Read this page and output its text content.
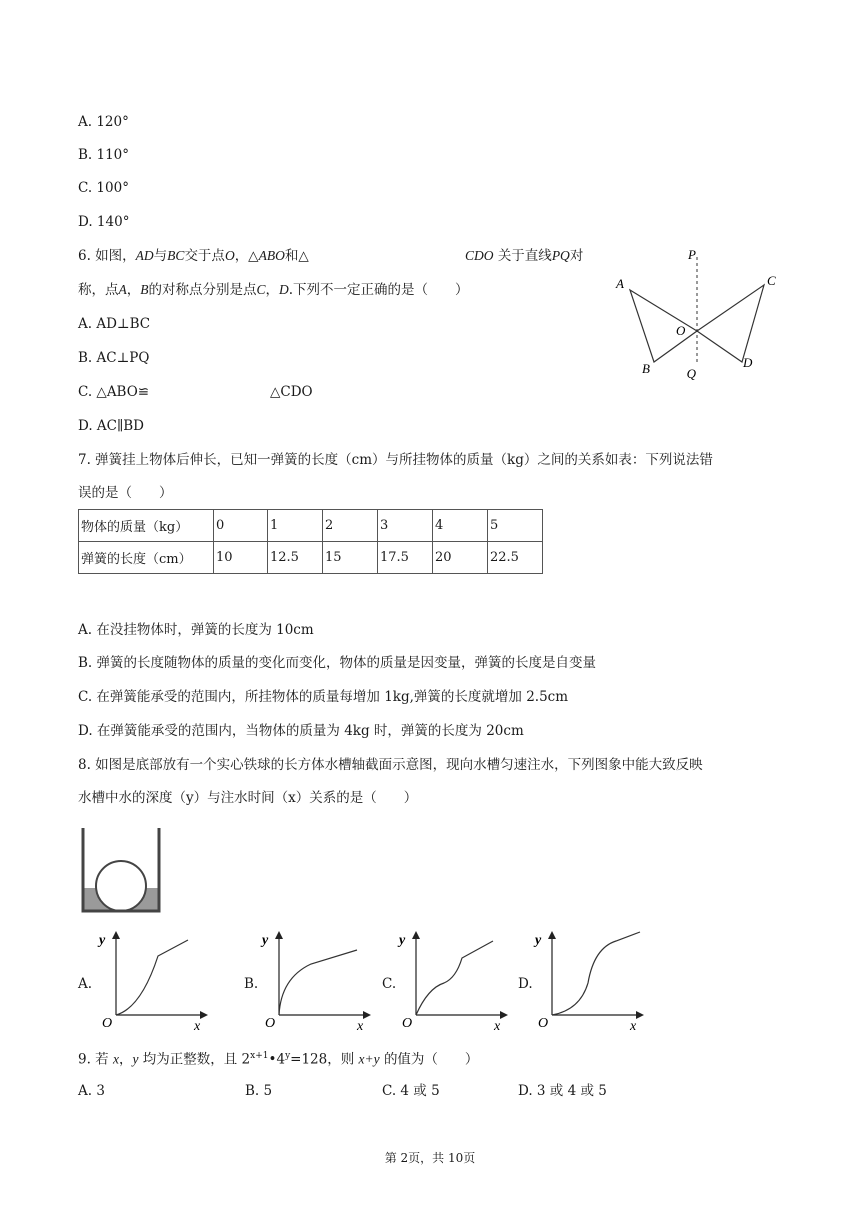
A. 120°
B. 110°
C. 100°
D. 140°
6. 如图，AD与BC交于点O，△ABO和△	CDO 关于直线PQ对
称，点A，B的对称点分别是点C，D.下列不一定正确的是（　　）
A. AD⊥BC
B. AC⊥PQ
C. △ABO≌	△CDO
D. AC∥BD
P
Q
A
B
C
D
O
7. 弹簧挂上物体后伸长，已知一弹簧的长度（cm）与所挂物体的质量（kg）之间的关系如表：下列说法错
误的是（　　）
物体的质量（kg）	0	1	2	3	4	5
弹簧的长度（cm）	10	12.5	15	17.5	20	22.5
A. 在没挂物体时，弹簧的长度为 10cm
B. 弹簧的长度随物体的质量的变化而变化，物体的质量是因变量，弹簧的长度是自变量
C. 在弹簧能承受的范围内，所挂物体的质量每增加 1kg,弹簧的长度就增加 2.5cm
D. 在弹簧能承受的范围内，当物体的质量为 4kg 时，弹簧的长度为 20cm
8. 如图是底部放有一个实心铁球的长方体水槽轴截面示意图，现向水槽匀速注水，下列图象中能大致反映
水槽中水的深度（y）与注水时间（x）关系的是（　　）
A.	B.	C.	D.
y
x
O
y
x
O
y
x
O
y
x
O
9. 若 x，y 均为正整数，且 $2^{x+1}•4^y=128$，则 x+y 的值为（　　）
A. 3	B. 5	C. 4 或 5	D. 3 或 4 或 5
第 2页，共 10页
